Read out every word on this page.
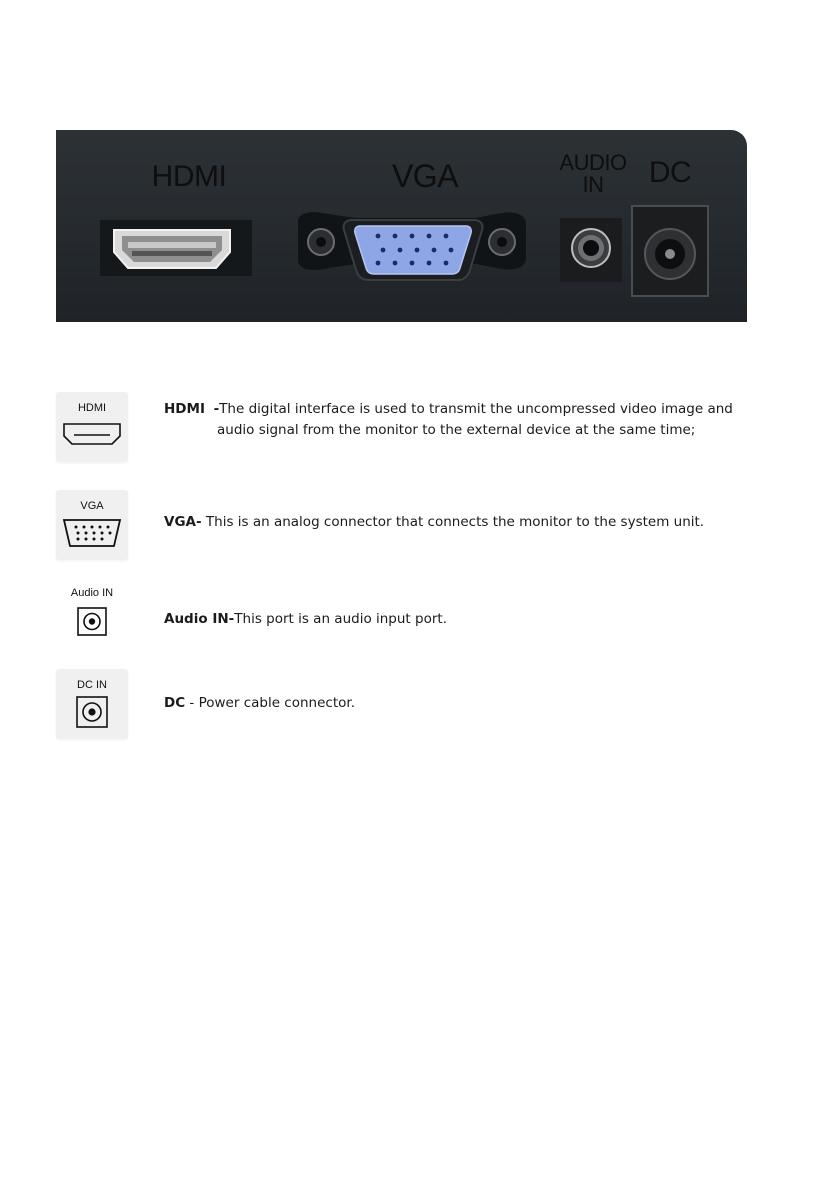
HDMI	VGA	AUDIO
IN	DC
HDMI	HDMI -The digital interface is used to transmit the uncompressed video image and
audio signal from the monitor to the external device at the same time;
VGA
VGA- This is an analog connector that connects the monitor to the system unit.
Audio IN
Audio IN-This port is an audio input port.
DC IN
DC - Power cable connector.
